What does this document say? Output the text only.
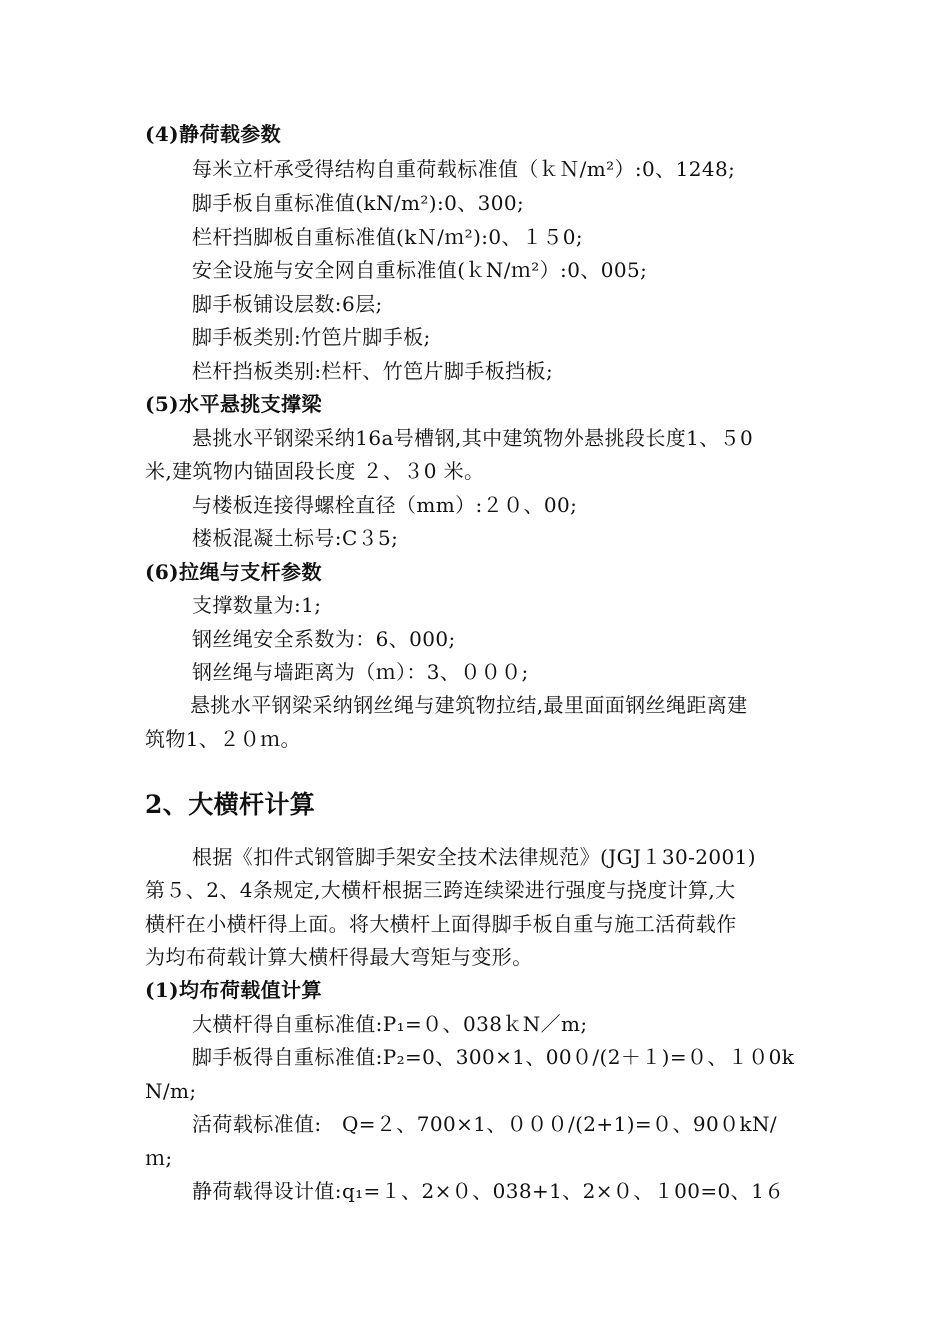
(4)静荷载参数
每米立杆承受得结构自重荷载标准值（ｋＮ/m²）:0、1248;
脚手板自重标准值(kN/m²):0、300;
栏杆挡脚板自重标准值(kＮ/ｍ²):0、１５0;
安全设施与安全网自重标准值(ｋN/ｍ²）:0、005;
脚手板铺设层数:6层;
脚手板类别:竹笆片脚手板;
栏杆挡板类别:栏杆、竹笆片脚手板挡板;
(5)水平悬挑支撑梁
悬挑水平钢梁采纳16a号槽钢,其中建筑物外悬挑段长度1、５0
米,建筑物内锚固段长度 ２、３0 米。
与楼板连接得螺栓直径（mm）:２０、00;
楼板混凝土标号:C３5;
(6)拉绳与支杆参数
支撑数量为:1;
钢丝绳安全系数为：6、000;
钢丝绳与墙距离为（ｍ）：3、０００;
悬挑水平钢梁采纳钢丝绳与建筑物拉结,最里面面钢丝绳距离建
筑物1、２０ｍ。
2、大横杆计算
根据《扣件式钢管脚手架安全技术法律规范》(JGJ１30-2001)
第５、2、4条规定,大横杆根据三跨连续梁进行强度与挠度计算,大
横杆在小横杆得上面。将大横杆上面得脚手板自重与施工活荷载作
为均布荷载计算大横杆得最大弯矩与变形。
(1)均布荷载值计算
大横杆得自重标准值:P₁=０、038ｋN／m;
脚手板得自重标准值:P₂=0、300×1、00０/(2＋１)=０、１０0k
N/m;
活荷载标准值:　Q=２、700×1、０００/(2+1)=０、90０kN/
ｍ;
静荷载得设计值:q₁=１、2×０、038+1、2×０、１00=0、1６
